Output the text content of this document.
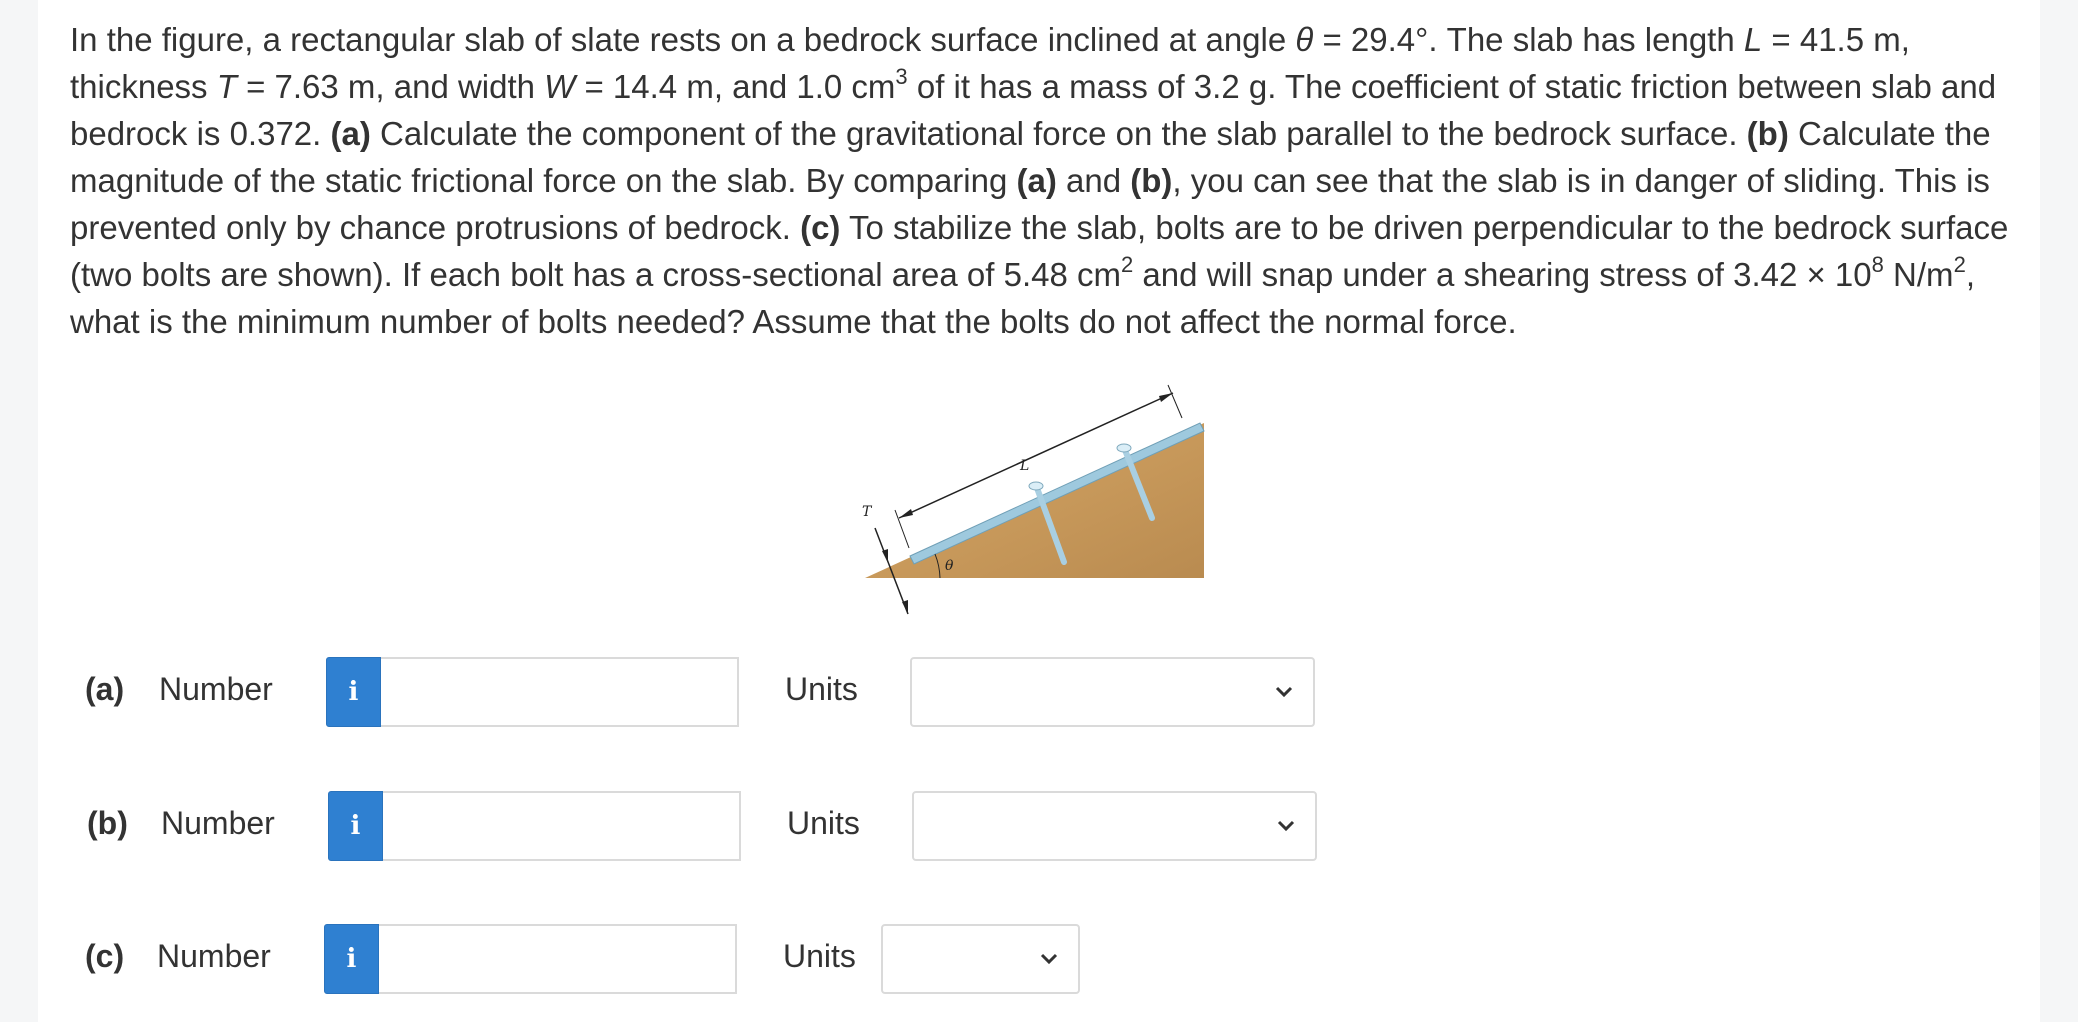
In the figure, a rectangular slab of slate rests on a bedrock surface inclined at angle θ = 29.4°. The slab has length L = 41.5 m, thickness T = 7.63 m, and width W = 14.4 m, and 1.0 $cm^3$ of it has a mass of 3.2 g. The coefficient of static friction between slab and bedrock is 0.372. (a) Calculate the component of the gravitational force on the slab parallel to the bedrock surface. (b) Calculate the magnitude of the static frictional force on the slab. By comparing (a) and (b), you can see that the slab is in danger of sliding. This is prevented only by chance protrusions of bedrock. (c) To stabilize the slab, bolts are to be driven perpendicular to the bedrock surface (two bolts are shown). If each bolt has a cross-sectional area of 5.48 $cm^2$ and will snap under a shearing stress of $3.42 \times 10^8$ $N/m^2$, what is the minimum number of bolts needed? Assume that the bolts do not affect the normal force.

L
T
θ
(a) Number	i	Units
(b) Number	i	Units
(c) Number	i	Units
